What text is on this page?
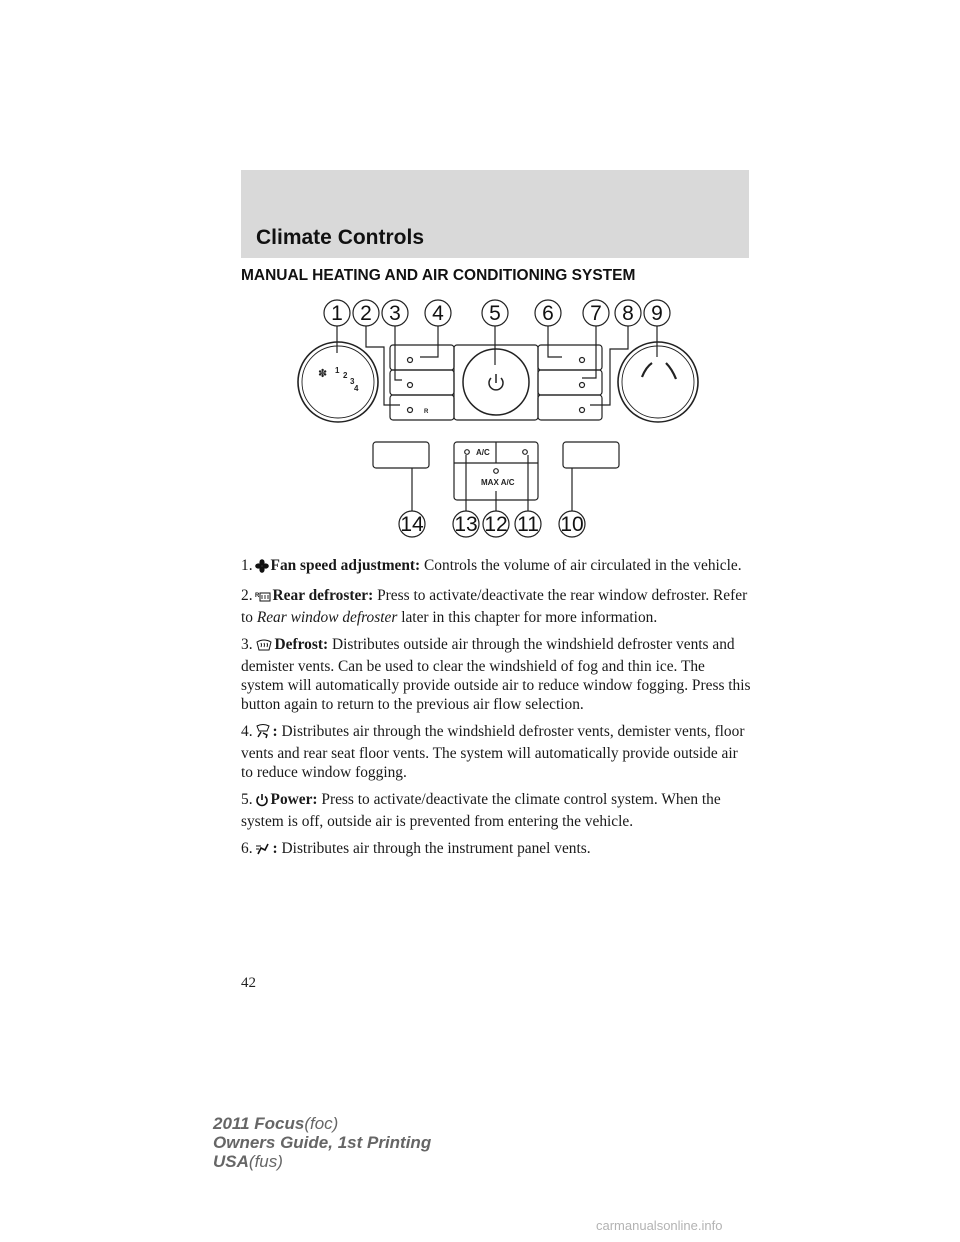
Climate Controls
MANUAL HEATING AND AIR CONDITIONING SYSTEM
✽ 1
2
3
4
R
A/C
MAX A/C
1 2 3 4 5 6 7 8 9
10
11
12
13
14

1. Fan speed adjustment: Controls the volume of air circulated in the vehicle.

2. R Rear defroster: Press to activate/deactivate the rear window defroster. Refer to Rear window defroster later in this chapter for more information.

3. Defrost: Distributes outside air through the windshield defroster vents and demister vents. Can be used to clear the windshield of fog and thin ice. The system will automatically provide outside air to reduce window fogging. Press this button again to return to the previous air flow selection.

4. : Distributes air through the windshield defroster vents, demister vents, floor vents and rear seat floor vents. The system will automatically provide outside air to reduce window fogging.

5. Power: Press to activate/deactivate the climate control system. When the system is off, outside air is prevented from entering the vehicle.

6. : Distributes air through the instrument panel vents.

42
2011 Focus(foc)
Owners Guide, 1st Printing
USA(fus)
carmanualsonline.info
